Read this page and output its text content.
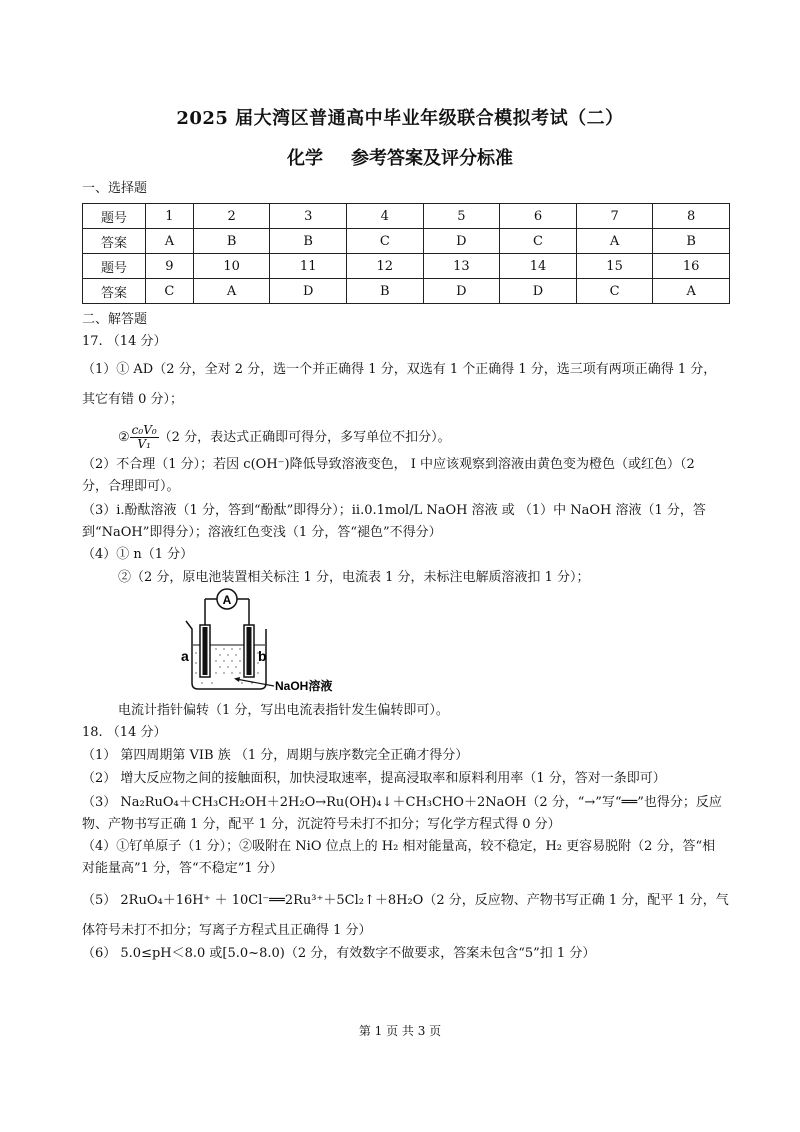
2025 届大湾区普通高中毕业年级联合模拟考试（二）
化学 参考答案及评分标准
一、选择题
题号	1	2	3	4	5	6	7	8
答案	A	B	B	C	D	C	A	B
题号	9	10	11	12	13	14	15	16
答案	C	A	D	B	D	D	C	A
二、解答题
17. （14 分）
（1）① AD（2 分，全对 2 分，选一个并正确得 1 分，双选有 1 个正确得 1 分，选三项有两项正确得 1 分，
其它有错 0 分）；
② $\frac{\text{c₀V₀}}{\text{V₁}} (2$ 分，表达式正确即可得分，多写单位不扣分）。
（2）不合理（1 分）；若因 c(OH⁻)降低导致溶液变色， Ⅰ 中应该观察到溶液由黄色变为橙色（或红色）（2
分，合理即可）。
（3）i.酚酞溶液（1 分，答到“酚酞”即得分）；ii.0.1mol/L NaOH 溶液 或 （1）中 NaOH 溶液（1 分，答
到“NaOH”即得分）；溶液红色变浅（1 分，答“褪色”不得分）
（4）① n（1 分）
②（2 分，原电池装置相关标注 1 分，电流表 1 分，未标注电解质溶液扣 1 分）；
A
a	b
NaOH溶液
电流计指针偏转（1 分，写出电流表指针发生偏转即可）。
18. （14 分）
（1） 第四周期第 VIB 族 （1 分，周期与族序数完全正确才得分）
（2） 增大反应物之间的接触面积，加快浸取速率，提高浸取率和原料利用率（1 分，答对一条即可）
（3） Na₂RuO₄＋CH₃CH₂OH＋2H₂O→Ru(OH)₄↓＋CH₃CHO＋2NaOH（2 分，“→”写“══”也得分；反应
物、产物书写正确 1 分，配平 1 分，沉淀符号未打不扣分；写化学方程式得 0 分）
（4）①钌单原子（1 分）；②吸附在 NiO 位点上的 H₂ 相对能量高，较不稳定，H₂ 更容易脱附（2 分，答“相
对能量高”1 分，答“不稳定”1 分）
（5） 2RuO₄＋16H⁺ ＋ 10Cl⁻══2Ru³⁺＋5Cl₂↑＋8H₂O（2 分，反应物、产物书写正确 1 分，配平 1 分，气
体符号未打不扣分；写离子方程式且正确得 1 分）
（6） 5.0≤pH＜8.0 或[5.0~8.0)（2 分，有效数字不做要求，答案未包含“5”扣 1 分）
第 1 页 共 3 页
